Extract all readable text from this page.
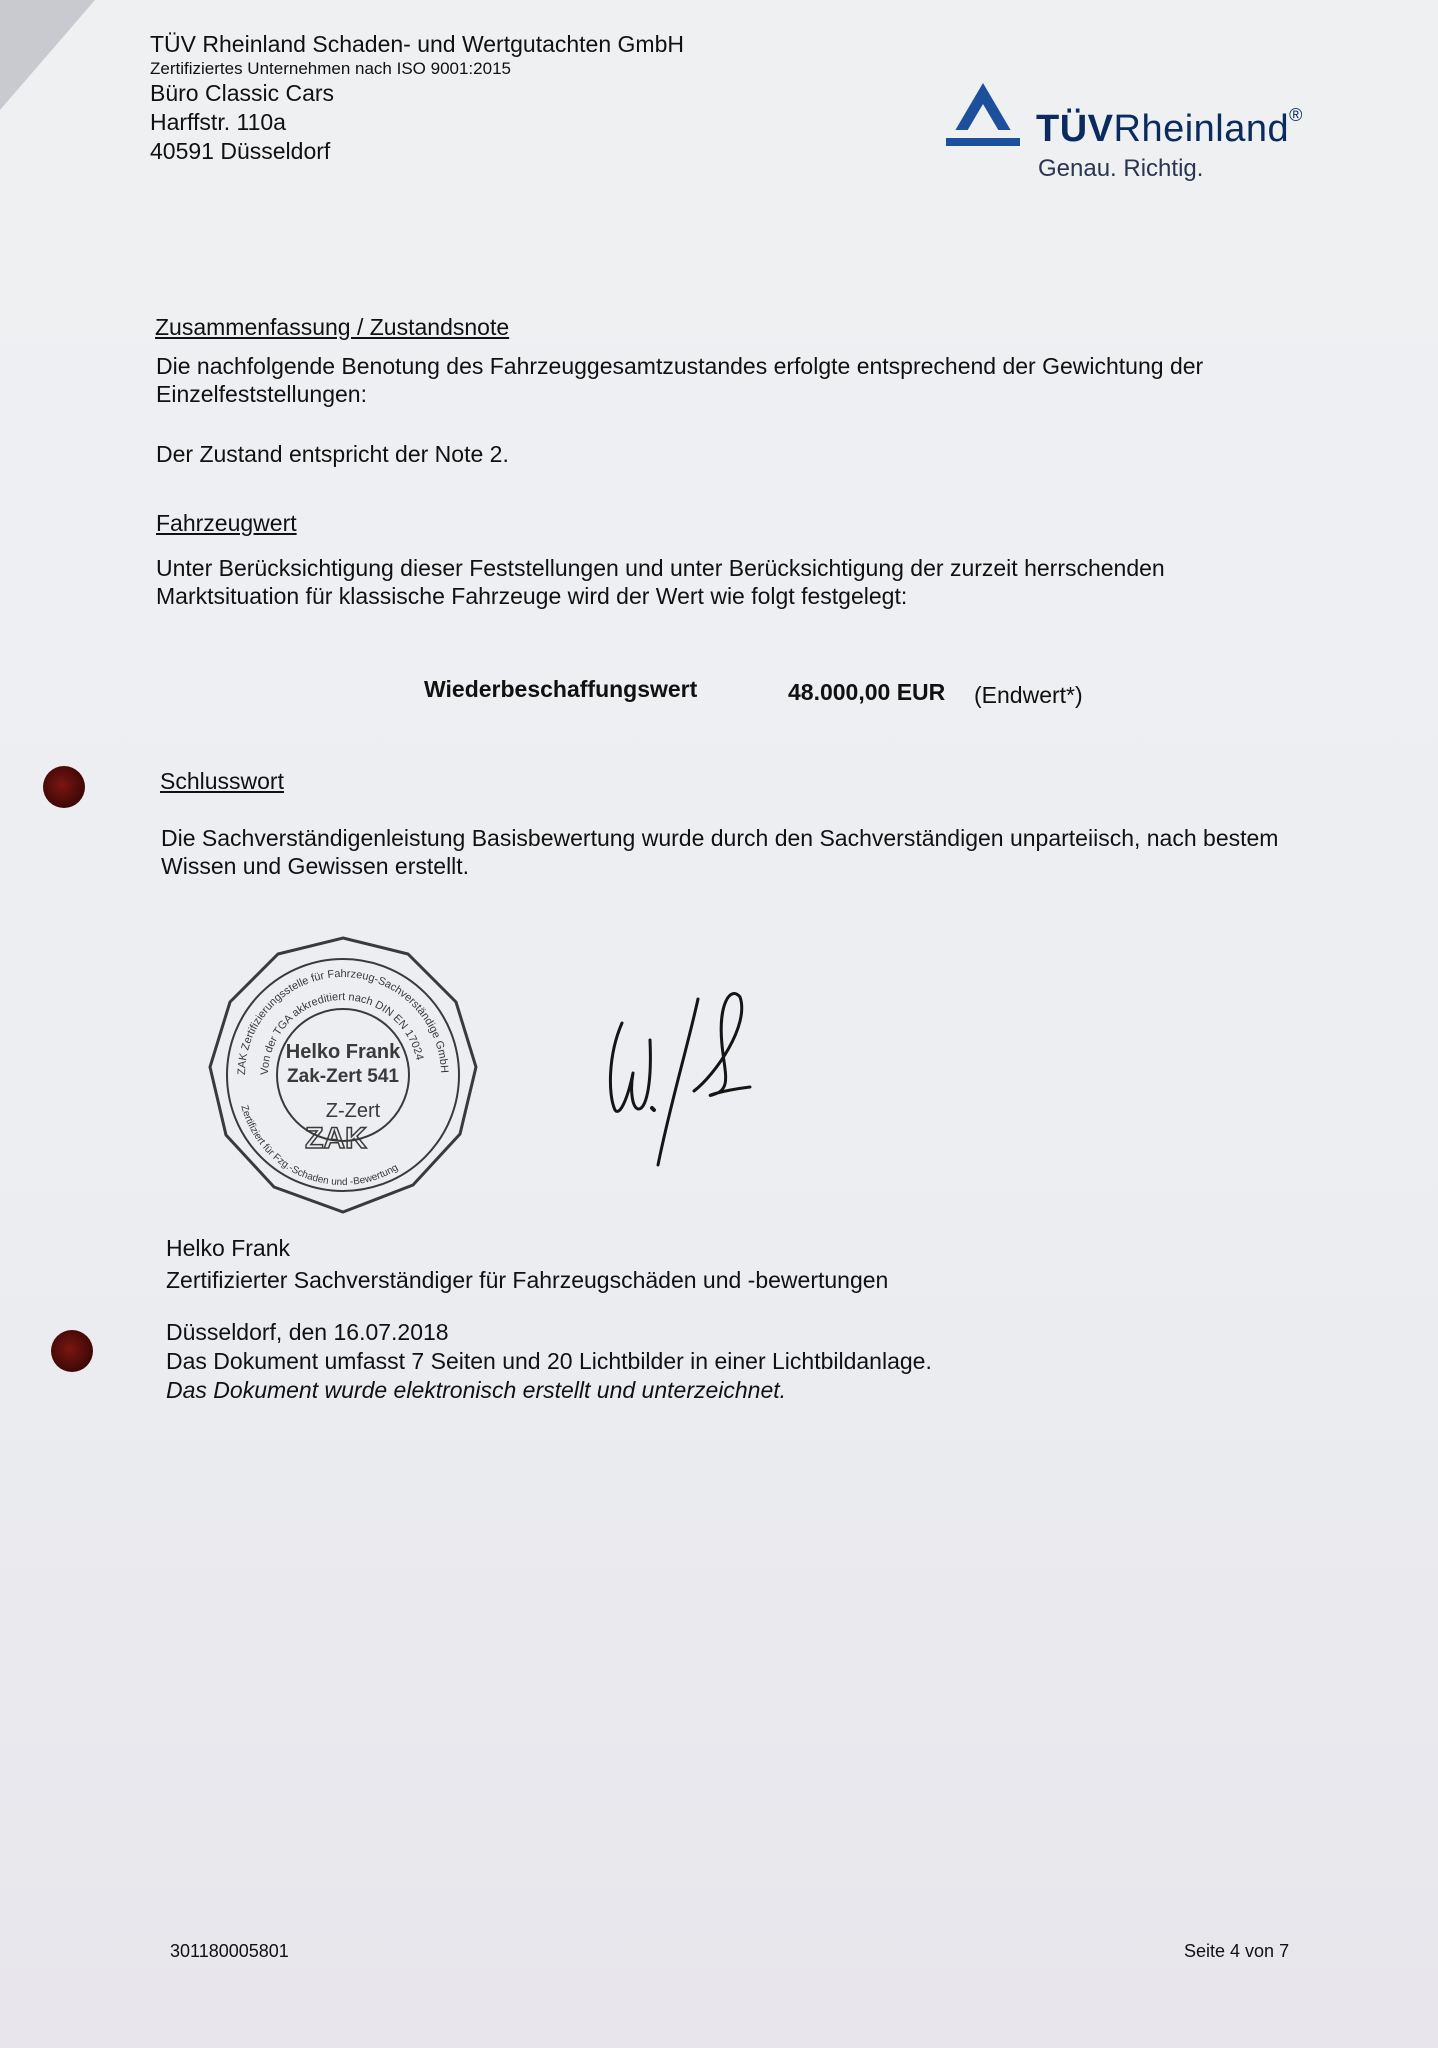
TÜV Rheinland Schaden- und Wertgutachten GmbH
Zertifiziertes Unternehmen nach ISO 9001:2015
Büro Classic Cars
Harffstr. 110a
40591 Düsseldorf
TÜVRheinland®
Genau. Richtig.
Zusammenfassung / Zustandsnote
Die nachfolgende Benotung des Fahrzeuggesamtzustandes erfolgte entsprechend der Gewichtung der Einzelfeststellungen:
Der Zustand entspricht der Note 2.
Fahrzeugwert
Unter Berücksichtigung dieser Feststellungen und unter Berücksichtigung der zurzeit herrschenden Marktsituation für klassische Fahrzeuge wird der Wert wie folgt festgelegt:
Wiederbeschaffungswert	48.000,00 EUR (Endwert*)
Schlusswort
Die Sachverständigenleistung Basisbewertung wurde durch den Sachverständigen unparteiisch, nach bestem Wissen und Gewissen erstellt.
ZAK Zertifizierungsstelle für Fahrzeug-Sachverständige GmbH
Von der TGA akkreditiert nach DIN EN 17024
Helko Frank
Zak-Zert 541
Z-Zert
ZAK
Zertifiziert für Fzg.-Schaden und -Bewertung
Helko Frank
Zertifizierter Sachverständiger für Fahrzeugschäden und -bewertungen
Düsseldorf, den 16.07.2018
Das Dokument umfasst 7 Seiten und 20 Lichtbilder in einer Lichtbildanlage.
Das Dokument wurde elektronisch erstellt und unterzeichnet.
301180005801	Seite 4 von 7
